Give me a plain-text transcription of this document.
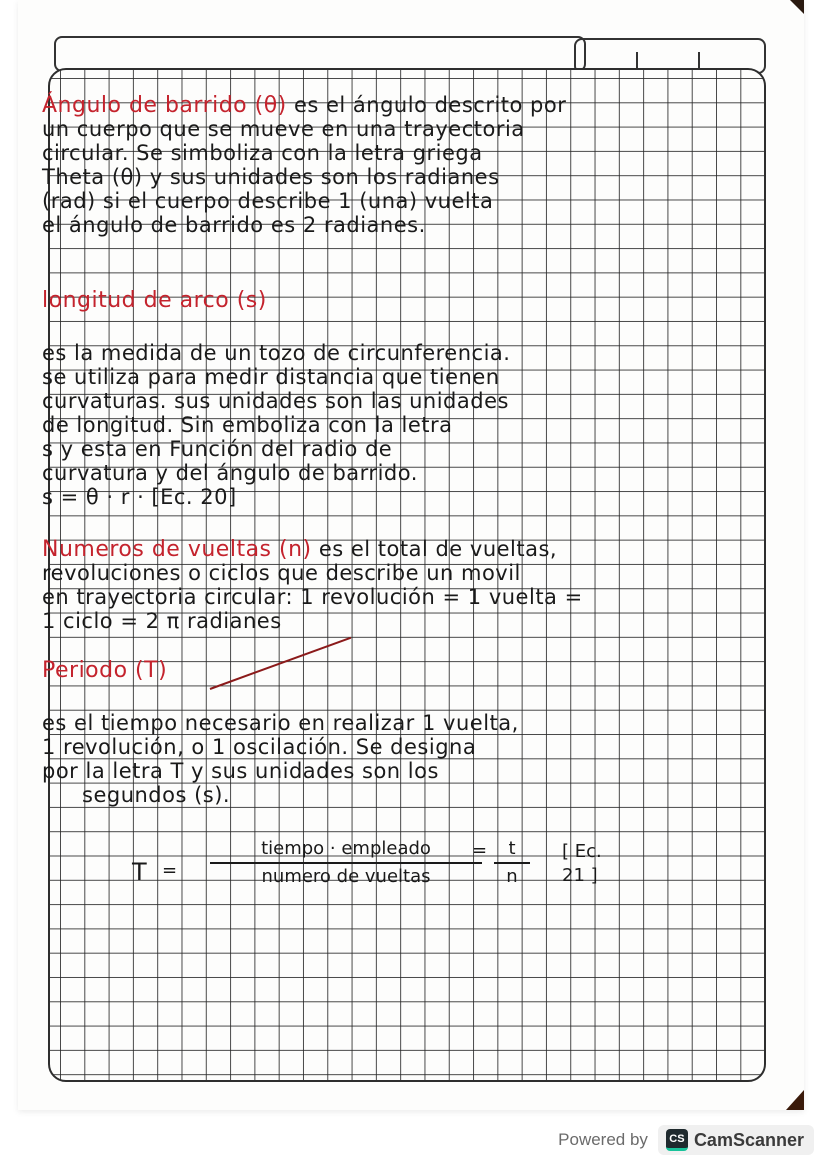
Ángulo de barrido (θ) es el ángulo descrito por
un cuerpo que se mueve en una trayectoria
circular. Se simboliza con la letra griega
Theta (θ) y sus unidades son los radianes
(rad) si el cuerpo describe 1 (una) vuelta
el ángulo de barrido es 2 radianes.
longitud de arco (s)
es la medida de un tozo de circunferencia.
se utiliza para medir distancia que tienen
curvaturas. sus unidades son las unidades
de longitud. Sin emboliza con la letra
s y esta en Función del radio de
curvatura y del ángulo de barrido.
s = θ · r · [Ec. 20]
Numeros de vueltas (n) es el total de vueltas,
revoluciones o ciclos que describe un movil
en trayectoria circular: 1 revolución = 1 vuelta =
1 ciclo = 2 π radianes
Periodo (T)
es el tiempo necesario en realizar 1 vuelta,
1 revolución, o 1 oscilación. Se designa
por la letra T y sus unidades son los
segundos (s).
T =
tiempo · empleado
numero de vueltas
=	t
n
[ Ec.
21 ]
Powered by	CS CamScanner
